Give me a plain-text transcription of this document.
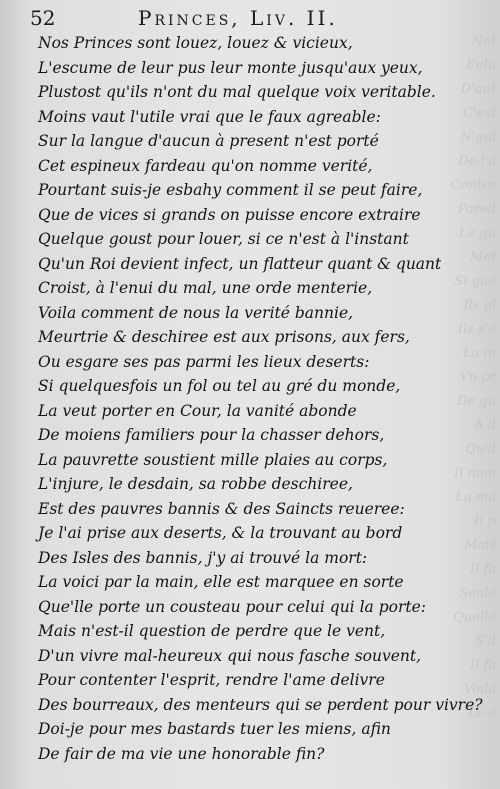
Nat
Eelu
D'aut
C'est
N'qui
De l'a
Contre
Pareil
Le gu
Met
Si que
Ils gl
Ils s'o
La in
Vn pr
De qu
A il
Qu'il
Il nom
La ma
Il p
Mais
Il fa
Seule
Quelle
S'il
Il fa
Voila
Le c
52	Princes, Liv. II.
Nos Princes sont louez, louez & vicieux,
L'escume de leur pus leur monte jusqu'aux yeux,
Plustost qu'ils n'ont du mal quelque voix veritable.
Moins vaut l'utile vrai que le faux agreable:
Sur la langue d'aucun à present n'est porté
Cet espineux fardeau qu'on nomme verité,
Pourtant suis-je esbahy comment il se peut faire,
Que de vices si grands on puisse encore extraire
Quelque goust pour louer, si ce n'est à l'instant
Qu'un Roi devient infect, un flatteur quant & quant
Croist, à l'enui du mal, une orde menterie,
Voila comment de nous la verité bannie,
Meurtrie & deschiree est aux prisons, aux fers,
Ou esgare ses pas parmi les lieux deserts:
Si quelquesfois un fol ou tel au gré du monde,
La veut porter en Cour, la vanité abonde
De moiens familiers pour la chasser dehors,
La pauvrette soustient mille plaies au corps,
L'injure, le desdain, sa robbe deschiree,
Est des pauvres bannis & des Saincts reueree:
Je l'ai prise aux deserts, & la trouvant au bord
Des Isles des bannis, j'y ai trouvé la mort:
La voici par la main, elle est marquee en sorte
Que'lle porte un cousteau pour celui qui la porte:
Mais n'est-il question de perdre que le vent,
D'un vivre mal-heureux qui nous fasche souvent,
Pour contenter l'esprit, rendre l'ame delivre
Des bourreaux, des menteurs qui se perdent pour vivre?
Doi-je pour mes bastards tuer les miens, afin
De fair de ma vie une honorable fin?
